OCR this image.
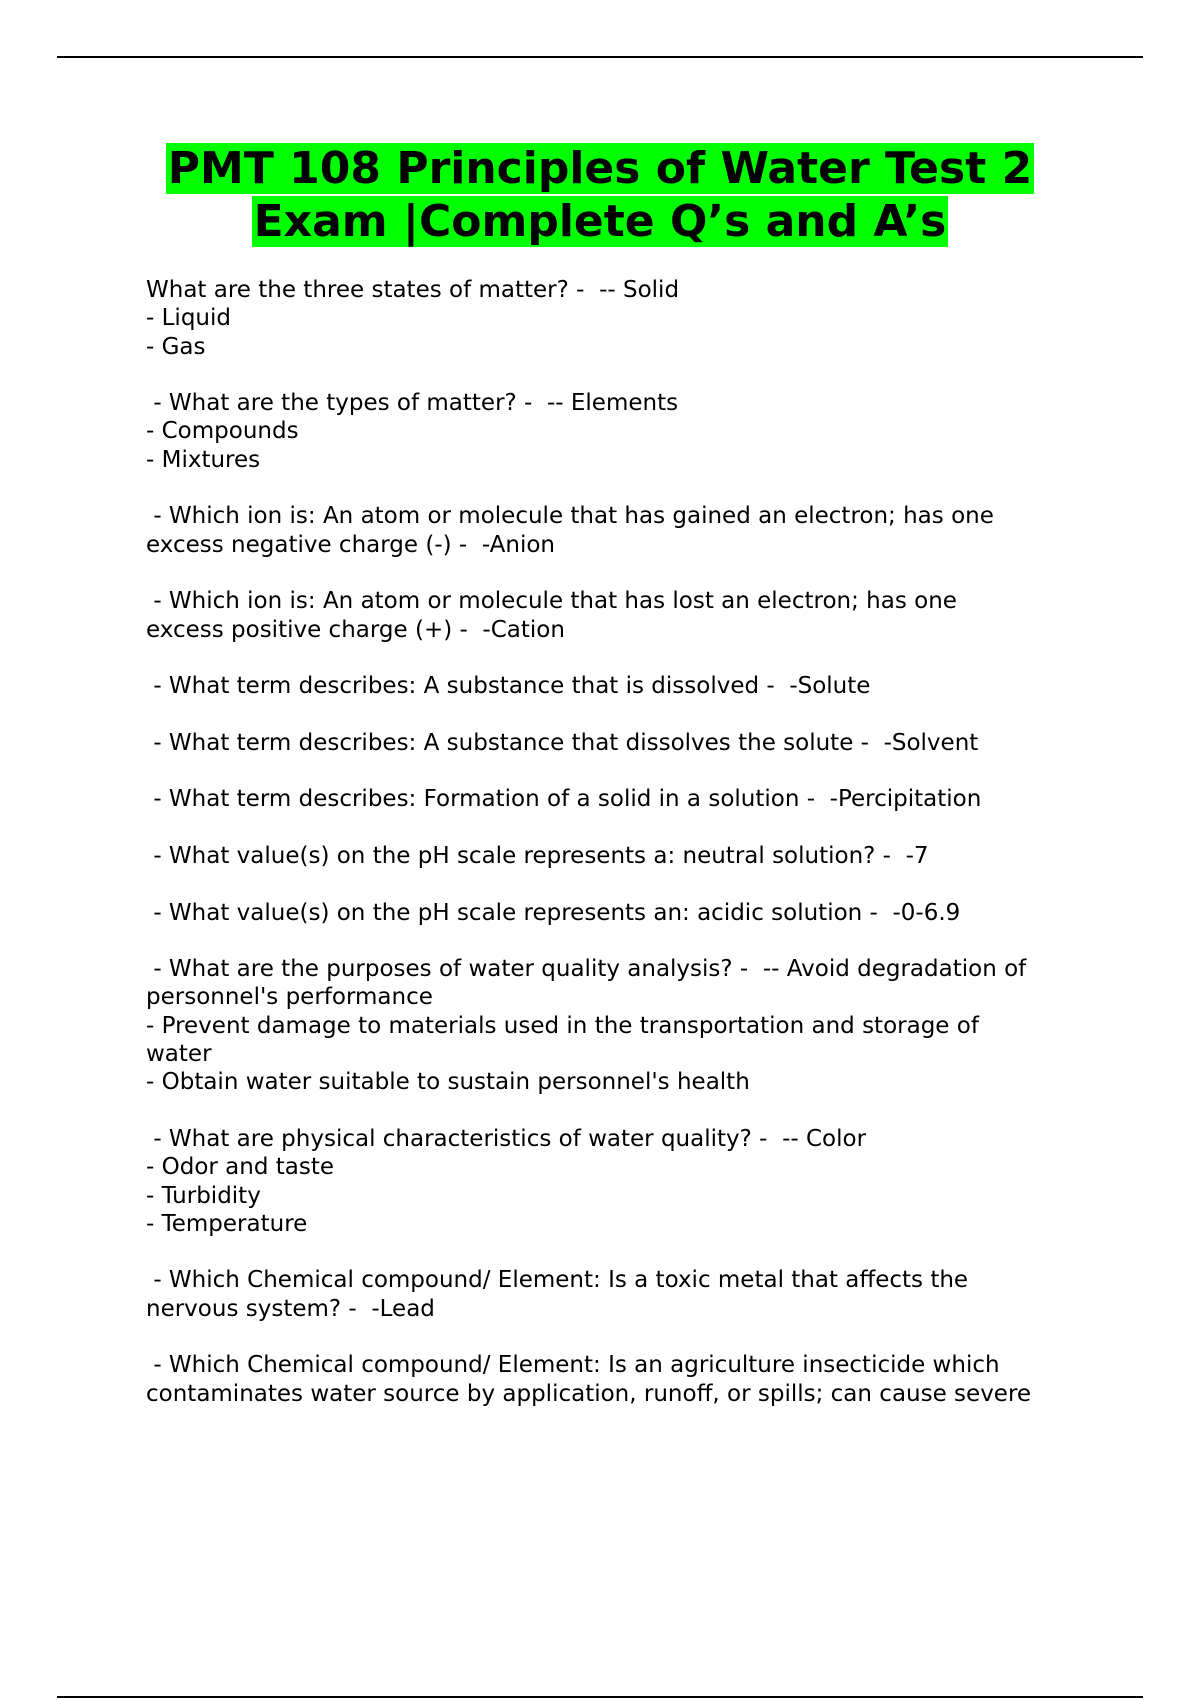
PMT 108 Principles of Water Test 2
Exam |Complete Q’s and A’s
What are the three states of matter? -  -- Solid
- Liquid
- Gas
- What are the types of matter? -  -- Elements
- Compounds
- Mixtures
- Which ion is: An atom or molecule that has gained an electron; has one
excess negative charge (-) -  -Anion
- Which ion is: An atom or molecule that has lost an electron; has one
excess positive charge (+) -  -Cation
- What term describes: A substance that is dissolved -  -Solute
- What term describes: A substance that dissolves the solute -  -Solvent
- What term describes: Formation of a solid in a solution -  -Percipitation
- What value(s) on the pH scale represents a: neutral solution? -  -7
- What value(s) on the pH scale represents an: acidic solution -  -0-6.9
- What are the purposes of water quality analysis? -  -- Avoid degradation of
personnel's performance
- Prevent damage to materials used in the transportation and storage of
water
- Obtain water suitable to sustain personnel's health
- What are physical characteristics of water quality? -  -- Color
- Odor and taste
- Turbidity
- Temperature
- Which Chemical compound/ Element: Is a toxic metal that affects the
nervous system? -  -Lead
- Which Chemical compound/ Element: Is an agriculture insecticide which
contaminates water source by application, runoff, or spills; can cause severe
